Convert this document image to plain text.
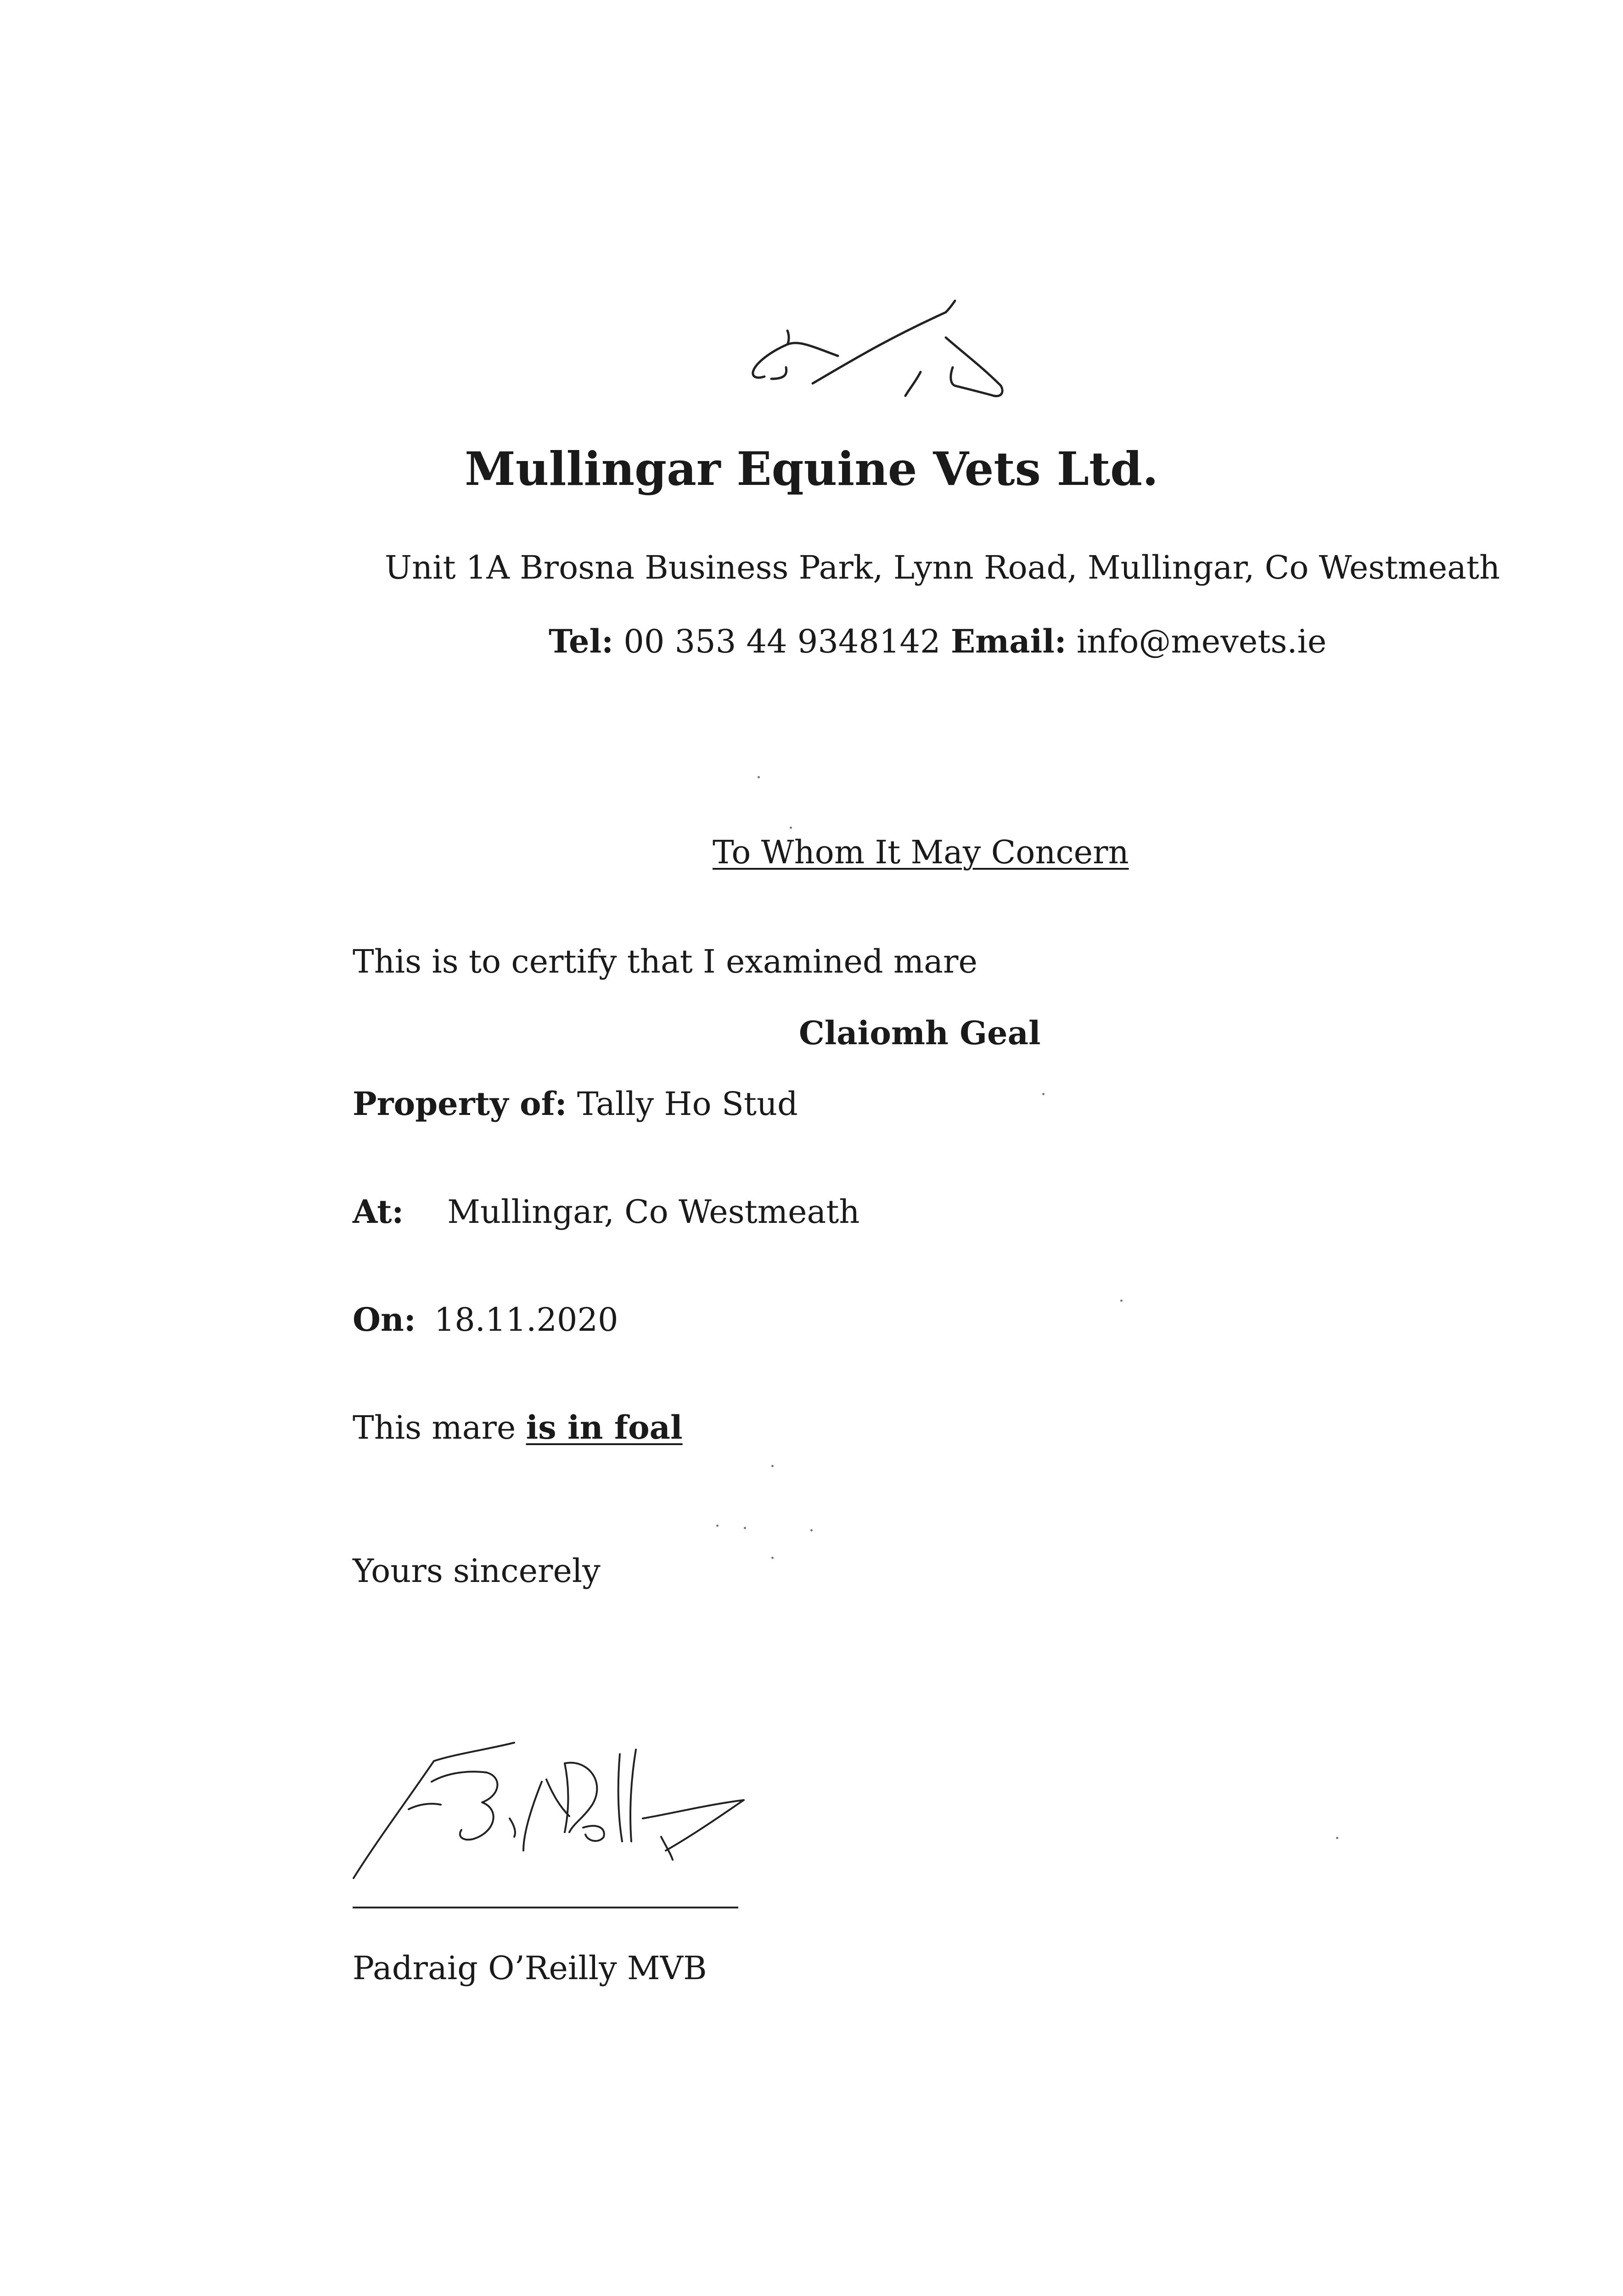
Mullingar Equine Vets Ltd.

Unit 1A Brosna Business Park, Lynn Road, Mullingar, Co Westmeath

Tel: 00 353 44 9348142 Email: info@mevets.ie

To Whom It May Concern

This is to certify that I examined mare

Claiomh Geal

Property of: Tally Ho Stud

At: Mullingar, Co Westmeath

On: 18.11.2020

This mare is in foal

Yours sincerely

Padraig O’Reilly MVB
